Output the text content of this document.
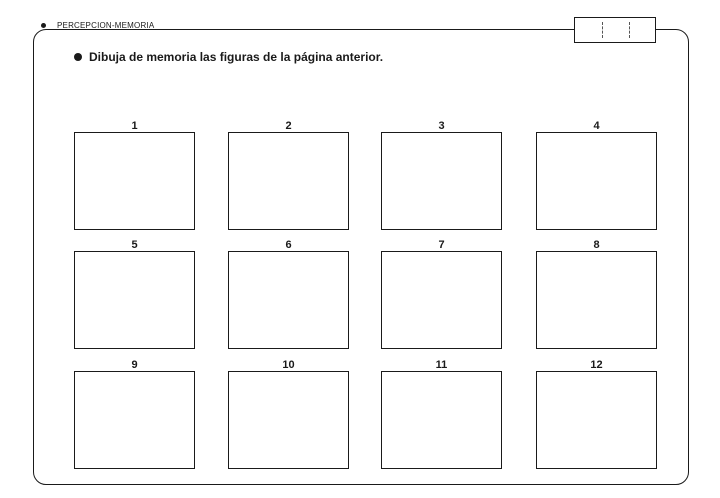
PERCEPCION-MEMORIA
Dibuja de memoria las figuras de la página anterior.
1	2	3	4
5	6	7	8
9	10	11	12
